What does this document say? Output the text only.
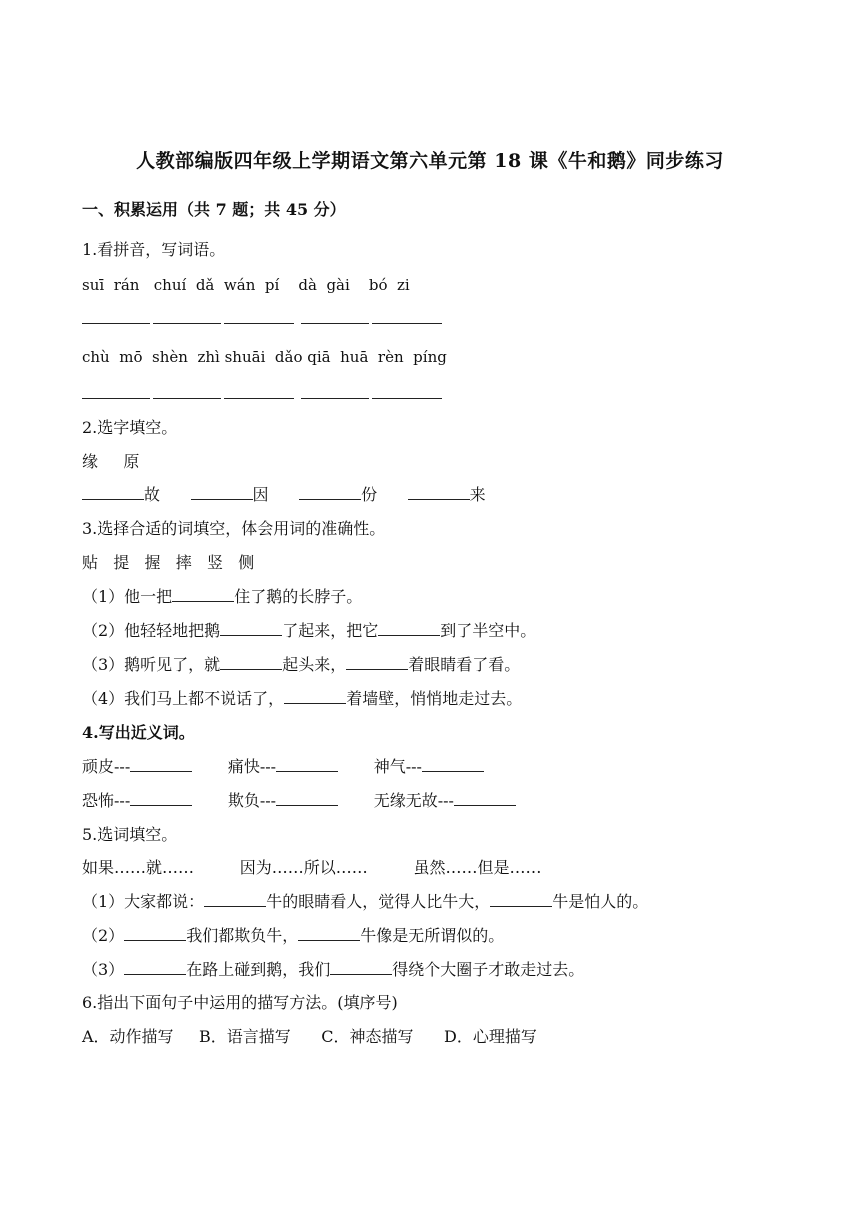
人教部编版四年级上学期语文第六单元第 18 课《牛和鹅》同步练习
一、积累运用（共 7 题；共 45 分）
1.看拼音，写词语。
suī  rán   chuí  dǎ  wán  pí    dà  gài    bó  zi
chù  mō  shèn  zhì shuāi  dǎo qiā  huā  rèn  píng
2.选字填空。
缘     原
故	因	份	来
3.选择合适的词填空，体会用词的准确性。
贴   提   握   摔   竖   侧
（1）他一把	住了鹅的长脖子。
（2）他轻轻地把鹅	了起来，把它	到了半空中。
（3）鹅听见了，就	起头来，	着眼睛看了看。
（4）我们马上都不说话了，	着墙壁，悄悄地走过去。
4.写出近义词。
顽皮---	痛快---	神气---
恐怖---	欺负---	无缘无故---
5.选词填空。
如果……就……         因为……所以……         虽然……但是……
（1）大家都说：	牛的眼睛看人，觉得人比牛大，	牛是怕人的。
（2）	我们都欺负牛，	牛像是无所谓似的。
（3）	在路上碰到鹅，我们	得绕个大圈子才敢走过去。
6.指出下面句子中运用的描写方法。(填序号)
A．动作描写     B．语言描写      C．神态描写      D．心理描写
